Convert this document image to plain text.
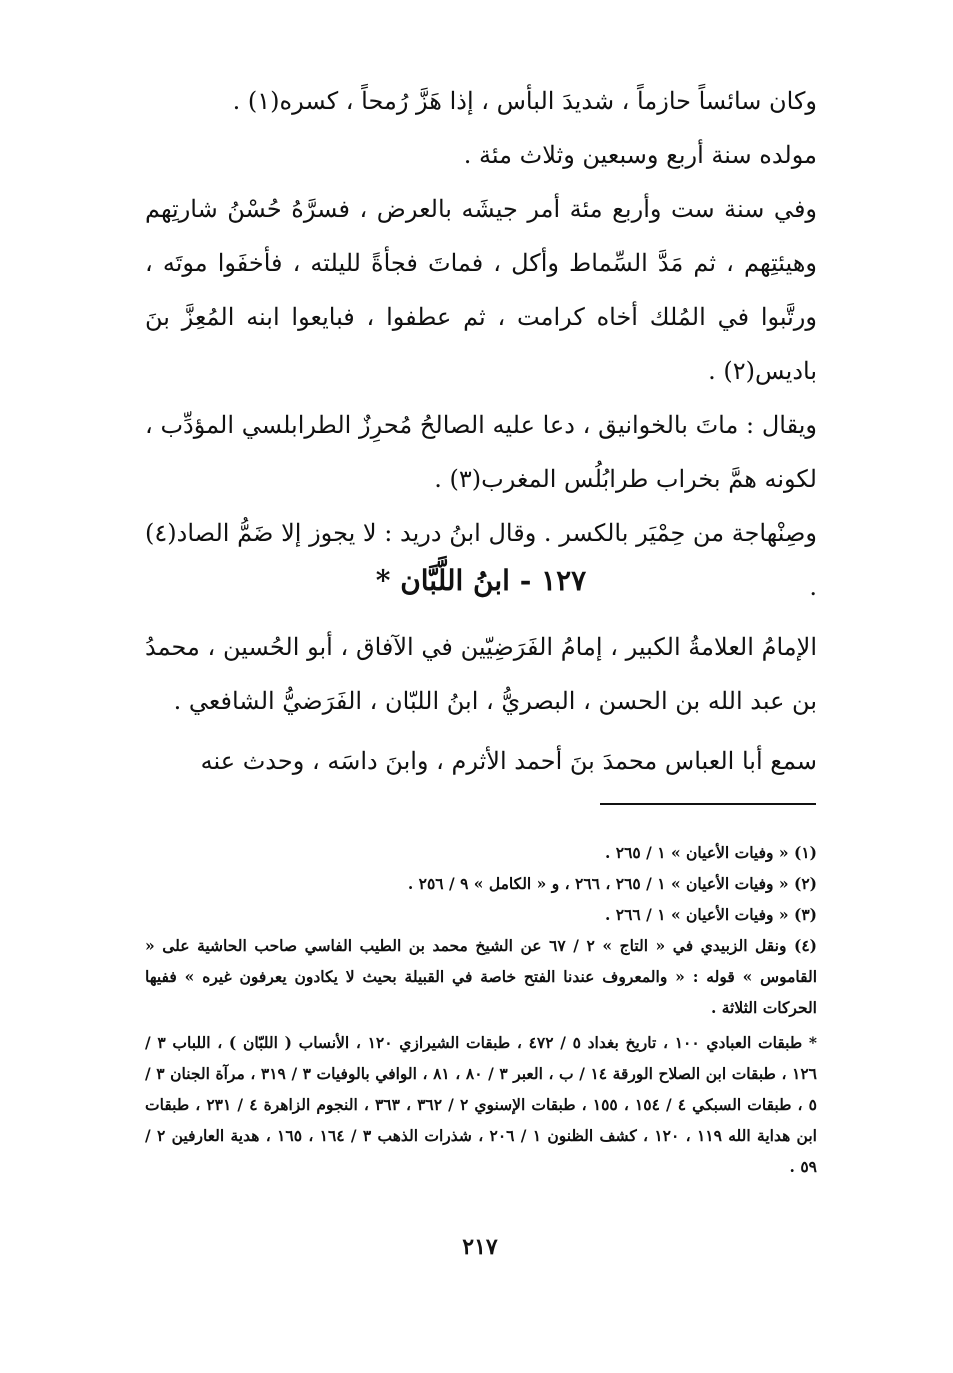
وكان سائساً حازماً ، شديدَ البأس ، إذا هَزَّ رُمحاً ، كسره(١) .

مولده سنة أربع وسبعين وثلاث مئة .

وفي سنة ست وأربع مئة أمر جيشَه بالعرض ، فسرَّهُ حُسْنُ شارتِهم وهيئتِهم ، ثم مَدَّ السِّماط وأكل ، فماتَ فجأةً لليلته ، فأخفَوا موتَه ، ورتَّبوا في المُلك أخاه كرامت ، ثم عطفوا ، فبايعوا ابنه المُعِزَّ بنَ باديس(٢) .

ويقال : ماتَ بالخوانيق ، دعا عليه الصالحُ مُحرِزٌ الطرابلسي المؤدِّب ، لكونه همَّ بخراب طرابُلُس المغرب(٣) .

وصِنْهاجة من حِمْيَر بالكسر . وقال ابنُ دريد : لا يجوز إلا ضَمُّ الصاد(٤) .

١٢٧ - ابنُ اللَّبَّان *

الإمامُ العلامةُ الكبير ، إمامُ الفَرَضِيّين في الآفاق ، أبو الحُسين ، محمدُ بن عبد الله بن الحسن ، البصريُّ ، ابنُ اللبّان ، الفَرَضيُّ الشافعي .

سمع أبا العباس محمدَ بنَ أحمد الأثرم ، وابنَ داسَه ، وحدث عنه

(١) « وفيات الأعيان » ١ / ٢٦٥ .

(٢) « وفيات الأعيان » ١ / ٢٦٥ ، ٢٦٦ ، و « الكامل » ٩ / ٢٥٦ .

(٣) « وفيات الأعيان » ١ / ٢٦٦ .

(٤) ونقل الزبيدي في « التاج » ٢ / ٦٧ عن الشيخ محمد بن الطيب الفاسي صاحب الحاشية على « القاموس » قوله : « والمعروف عندنا الفتح خاصة في القبيلة بحيث لا يكادون يعرفون غيره » ففيها الحركات الثلاثة .

* طبقات العبادي ١٠٠ ، تاريخ بغداد ٥ / ٤٧٢ ، طبقات الشيرازي ١٢٠ ، الأنساب ( اللبّان ) ، اللباب ٣ / ١٢٦ ، طبقات ابن الصلاح الورقة ١٤ / ب ، العبر ٣ / ٨٠ ، ٨١ ، الوافي بالوفيات ٣ / ٣١٩ ، مرآة الجنان ٣ / ٥ ، طبقات السبكي ٤ / ١٥٤ ، ١٥٥ ، طبقات الإسنوي ٢ / ٣٦٢ ، ٣٦٣ ، النجوم الزاهرة ٤ / ٢٣١ ، طبقات ابن هداية الله ١١٩ ، ١٢٠ ، كشف الظنون ١ / ٢٠٦ ، شذرات الذهب ٣ / ١٦٤ ، ١٦٥ ، هدية العارفين ٢ / ٥٩ .

٢١٧
